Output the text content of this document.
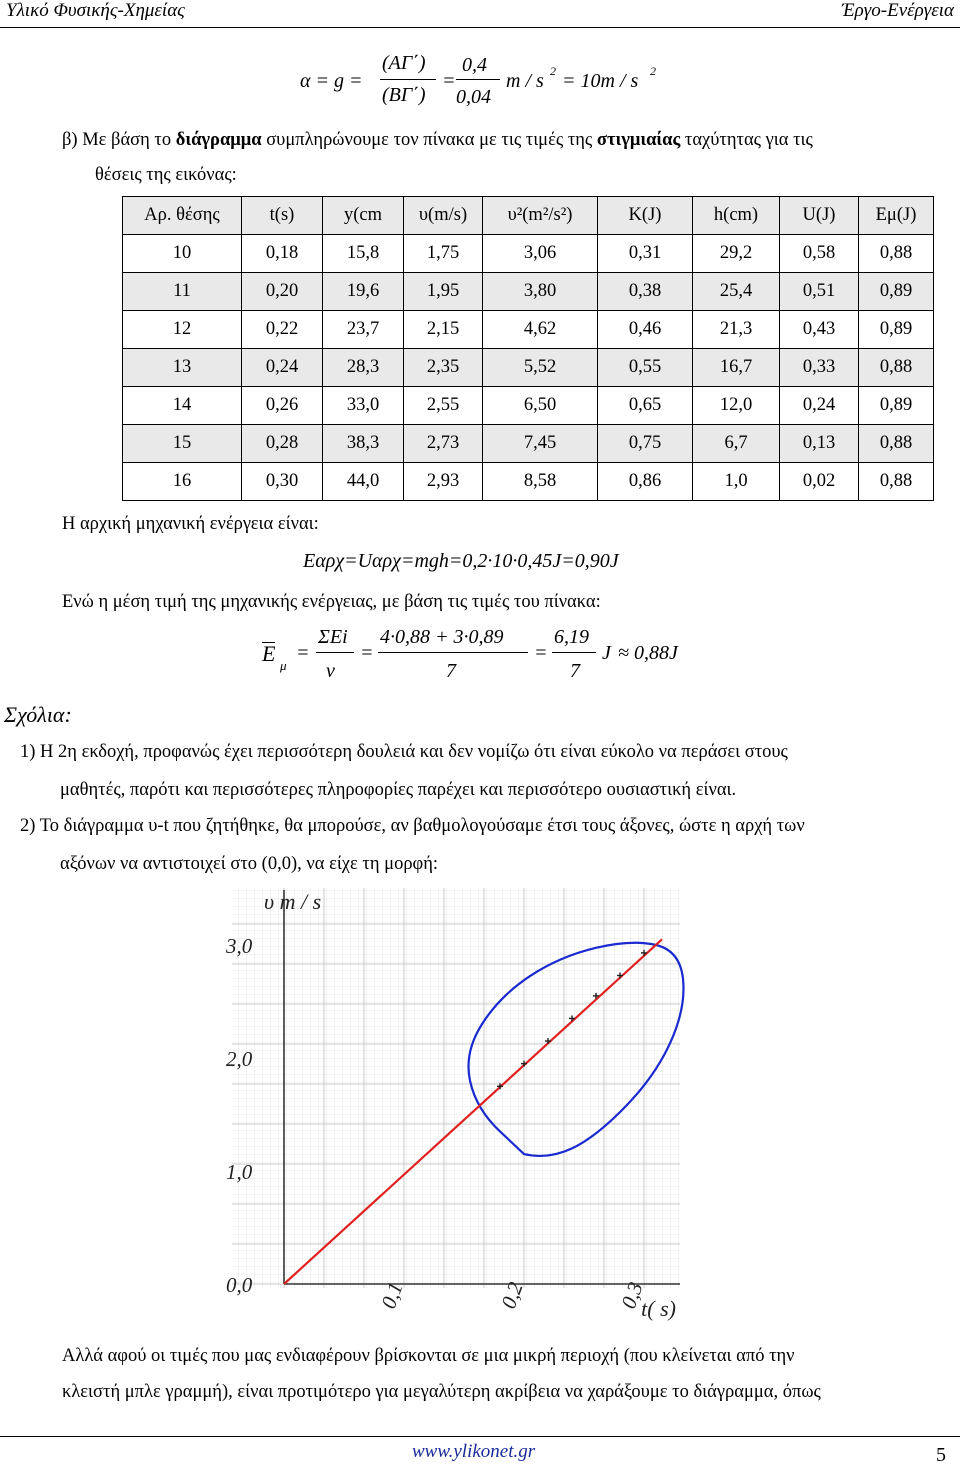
Υλικό Φυσικής-Χημείας	Έργο-Ενέργεια
α = g =
(ΑΓ΄)
(ΒΓ΄)
=
0,4
0,04
m / s 2 = 10m / s 2
β) Με βάση το διάγραμμα συμπληρώνουμε τον πίνακα με τις τιμές της στιγμιαίας ταχύτητας για τις
θέσεις της εικόνας:
Αρ. θέσης	t(s)	y(cm	υ(m/s)	υ²(m²/s²)	K(J)	h(cm)	U(J)	Eμ(J)
10	0,18	15,8	1,75	3,06	0,31	29,2	0,58	0,88
11	0,20	19,6	1,95	3,80	0,38	25,4	0,51	0,89
12	0,22	23,7	2,15	4,62	0,46	21,3	0,43	0,89
13	0,24	28,3	2,35	5,52	0,55	16,7	0,33	0,88
14	0,26	33,0	2,55	6,50	0,65	12,0	0,24	0,89
15	0,28	38,3	2,73	7,45	0,75	6,7	0,13	0,88
16	0,30	44,0	2,93	8,58	0,86	1,0	0,02	0,88
Η αρχική μηχανική ενέργεια είναι:
Eαρχ=Uαρχ=mgh=0,2·10·0,45J=0,90J
Ενώ η μέση τιμή της μηχανικής ενέργειας, με βάση τις τιμές του πίνακα:
E μ
=
ΣEi
ν
=
4·0,88 + 3·0,89
7
=
6,19
7
J ≈ 0,88J
Σχόλια:
1) Η 2η εκδοχή, προφανώς έχει περισσότερη δουλειά και δεν νομίζω ότι είναι εύκολο να περάσει στους
μαθητές, παρότι και περισσότερες πληροφορίες παρέχει και περισσότερο ουσιαστική είναι.
2) Το διάγραμμα υ-t που ζητήθηκε, θα μπορούσε, αν βαθμολογούσαμε έτσι τους άξονες, ώστε η αρχή των
αξόνων να αντιστοιχεί στο (0,0), να είχε τη μορφή:
0,0
1,0
2,0
3,0
0,1	0,2	0,3
υ m / s
t( s)
Αλλά αφού οι τιμές που μας ενδιαφέρουν βρίσκονται σε μια μικρή περιοχή (που κλείνεται από την
κλειστή μπλε γραμμή), είναι προτιμότερο για μεγαλύτερη ακρίβεια να χαράξουμε το διάγραμμα, όπως
www.ylikonet.gr	5
